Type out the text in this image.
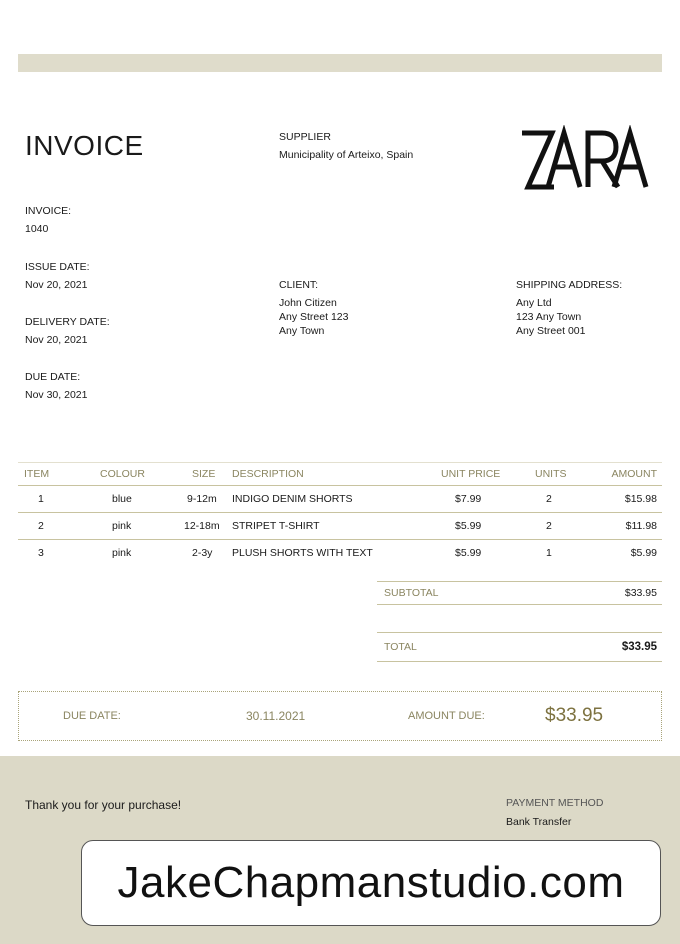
INVOICE	SUPPLIER
Municipality of Arteixo, Spain
INVOICE:
1040
ISSUE DATE:
Nov 20, 2021
DELIVERY DATE:
Nov 20, 2021
DUE DATE:
Nov 30, 2021
CLIENT:
John Citizen
Any Street 123
Any Town
SHIPPING ADDRESS:
Any Ltd
123 Any Town
Any Street 001
ITEM	COLOUR	SIZE DESCRIPTION	UNIT PRICE	UNITS	AMOUNT
1	blue	9-12m INDIGO DENIM SHORTS	$7.99	2	$15.98
2	pink	12-18m STRIPET T-SHIRT	$5.99	2	$11.98
3	pink	2-3y PLUSH SHORTS WITH TEXT	$5.99	1	$5.99
SUBTOTAL	$33.95
TOTAL	$33.95
DUE DATE:	30.11.2021	AMOUNT DUE:	$33.95
Thank you for your purchase!	PAYMENT METHOD
Bank Transfer
JakeChapmanstudio.com
